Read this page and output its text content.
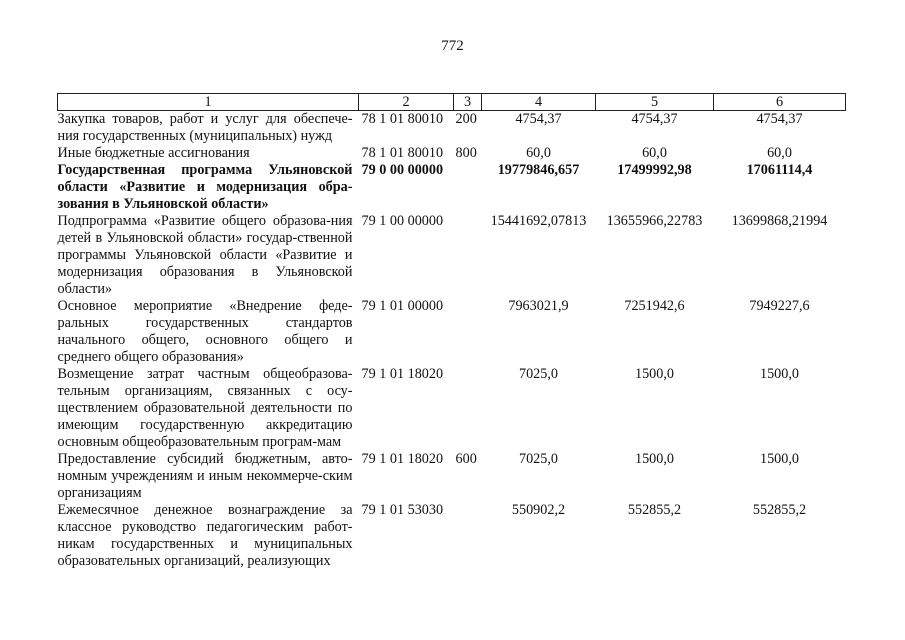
772
1	2	3	4	5	6
Закупка товаров, работ и услуг для обеспече-ния государственных (муниципальных) нужд	78 1 01 80010	200	4754,37	4754,37	4754,37
Иные бюджетные ассигнования	78 1 01 80010	800	60,0	60,0	60,0
Государственная программа Ульяновской области «Развитие и модернизация обра-зования в Ульяновской области»	79 0 00 00000		19779846,657	17499992,98	17061114,4
Подпрограмма «Развитие общего образова-ния детей в Ульяновской области» государ-ственной программы Ульяновской области «Развитие и модернизация образования в Ульяновской области»	79 1 00 00000		15441692,07813	13655966,22783	13699868,21994
Основное мероприятие «Внедрение феде-ральных государственных стандартов начального общего, основного общего и среднего общего образования»	79 1 01 00000		7963021,9	7251942,6	7949227,6
Возмещение затрат частным общеобразова-тельным организациям, связанных с осу-ществлением образовательной деятельности по имеющим государственную аккредитацию основным общеобразовательным програм-мам	79 1 01 18020		7025,0	1500,0	1500,0
Предоставление субсидий бюджетным, авто-номным учреждениям и иным некоммерче-ским организациям	79 1 01 18020	600	7025,0	1500,0	1500,0
Ежемесячное денежное вознаграждение за классное руководство педагогическим работ-никам государственных и муниципальных образовательных организаций, реализующих	79 1 01 53030		550902,2	552855,2	552855,2
